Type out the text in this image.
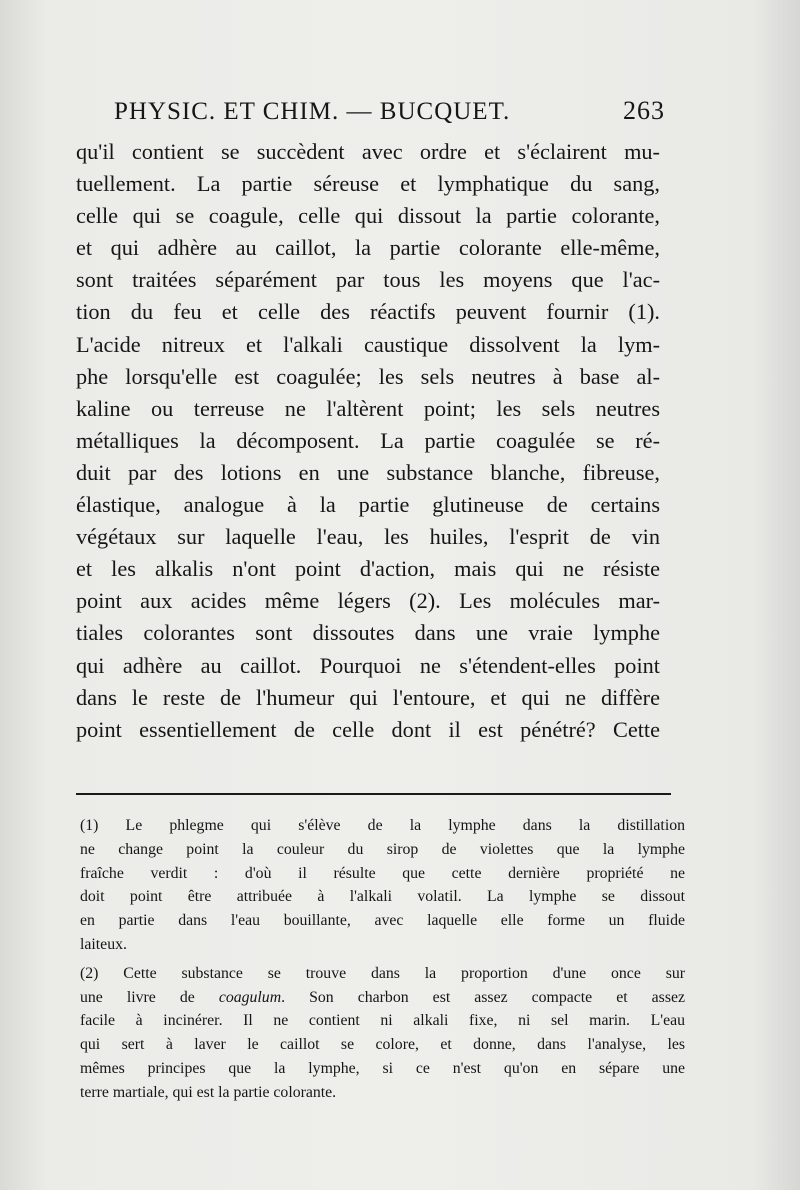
PHYSIC. ET CHIM. — BUCQUET.	263
qu'il contient se succèdent avec ordre et s'éclairent mu-
tuellement. La partie séreuse et lymphatique du sang,
celle qui se coagule, celle qui dissout la partie colorante,
et qui adhère au caillot, la partie colorante elle-même,
sont traitées séparément par tous les moyens que l'ac-
tion du feu et celle des réactifs peuvent fournir (1).
L'acide nitreux et l'alkali caustique dissolvent la lym-
phe lorsqu'elle est coagulée; les sels neutres à base al-
kaline ou terreuse ne l'altèrent point; les sels neutres
métalliques la décomposent. La partie coagulée se ré-
duit par des lotions en une substance blanche, fibreuse,
élastique, analogue à la partie glutineuse de certains
végétaux sur laquelle l'eau, les huiles, l'esprit de vin
et les alkalis n'ont point d'action, mais qui ne résiste
point aux acides même légers (2). Les molécules mar-
tiales colorantes sont dissoutes dans une vraie lymphe
qui adhère au caillot. Pourquoi ne s'étendent-elles point
dans le reste de l'humeur qui l'entoure, et qui ne diffère
point essentiellement de celle dont il est pénétré? Cette
(1) Le phlegme qui s'élève de la lymphe dans la distillation
ne change point la couleur du sirop de violettes que la lymphe
fraîche verdit : d'où il résulte que cette dernière propriété ne
doit point être attribuée à l'alkali volatil. La lymphe se dissout
en partie dans l'eau bouillante, avec laquelle elle forme un fluide
laiteux.
(2) Cette substance se trouve dans la proportion d'une once sur
une livre de coagulum. Son charbon est assez compacte et assez
facile à incinérer. Il ne contient ni alkali fixe, ni sel marin. L'eau
qui sert à laver le caillot se colore, et donne, dans l'analyse, les
mêmes principes que la lymphe, si ce n'est qu'on en sépare une
terre martiale, qui est la partie colorante.
